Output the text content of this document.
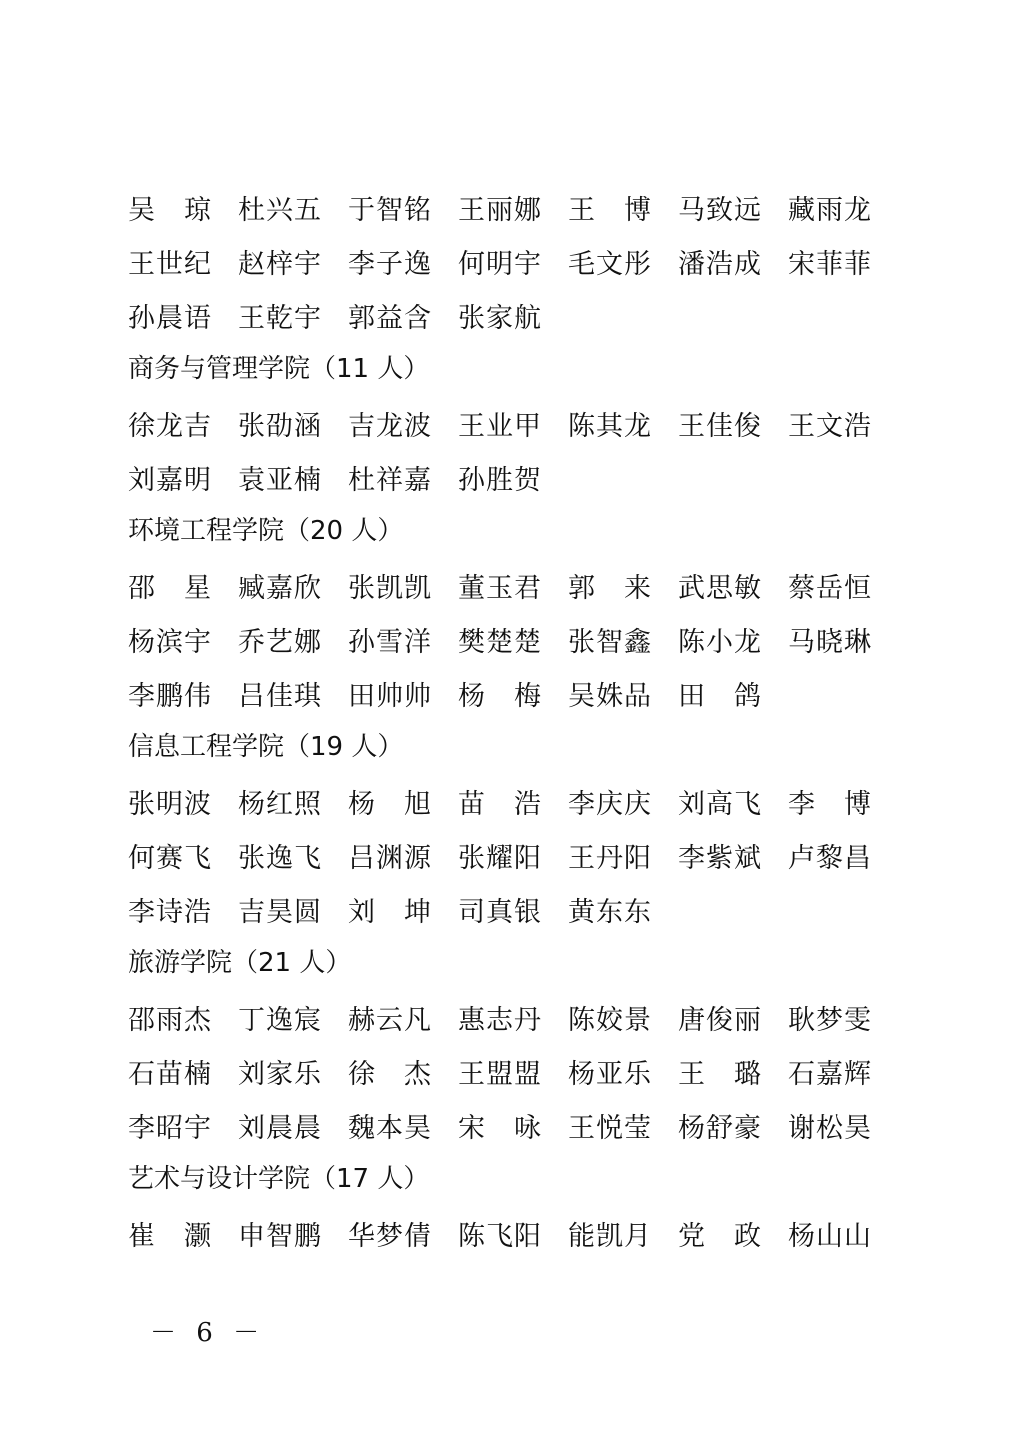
吴　琼 杜兴五 于智铭 王丽娜 王　博 马致远 藏雨龙
王世纪 赵梓宇 李子逸 何明宇 毛文彤 潘浩成 宋菲菲
孙晨语 王乾宇 郭益含 张家航
商务与管理学院（11 人）
徐龙吉 张劭涵 吉龙波 王业甲 陈其龙 王佳俊 王文浩
刘嘉明 袁亚楠 杜祥嘉 孙胜贺
环境工程学院（20 人）
邵　星 臧嘉欣 张凯凯 董玉君 郭　来 武思敏 蔡岳恒
杨滨宇 乔艺娜 孙雪洋 樊楚楚 张智鑫 陈小龙 马晓琳
李鹏伟 吕佳琪 田帅帅 杨　梅 吴姝品 田　鸽
信息工程学院（19 人）
张明波 杨红照 杨　旭 苗　浩 李庆庆 刘高飞 李　博
何赛飞 张逸飞 吕渊源 张耀阳 王丹阳 李紫斌 卢黎昌
李诗浩 吉昊圆 刘　坤 司真银 黄东东
旅游学院（21 人）
邵雨杰 丁逸宸 赫云凡 惠志丹 陈姣景 唐俊丽 耿梦雯
石苗楠 刘家乐 徐　杰 王盟盟 杨亚乐 王　璐 石嘉辉
李昭宇 刘晨晨 魏本昊 宋　咏 王悦莹 杨舒豪 谢松昊
艺术与设计学院（17 人）
崔　灏 申智鹏 华梦倩 陈飞阳 能凯月 党　政 杨山山
－ 6 －
